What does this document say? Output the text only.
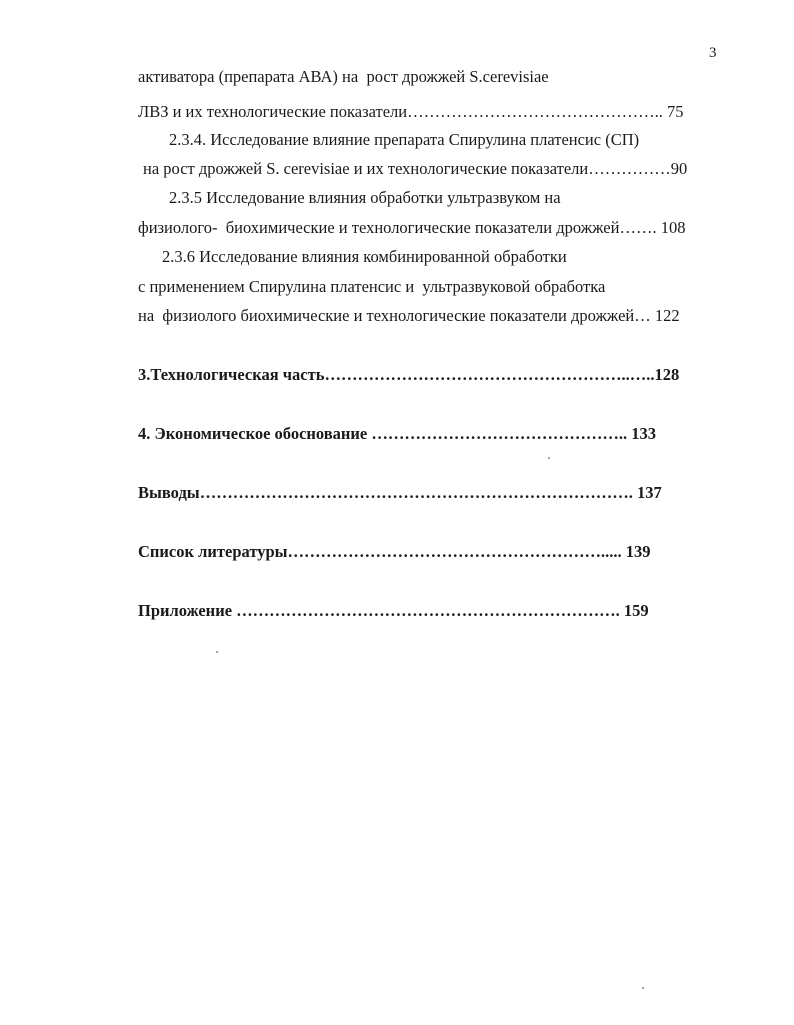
3
активатора (препарата АВА) на  рост дрожжей S.cerevisiae
ЛВЗ и их технологические показатели……………………………………….. 75
2.3.4. Исследование влияние препарата Спирулина платенсис (СП)
на рост дрожжей S. cerevisiae и их технологические показатели……………90
2.3.5 Исследование влияния обработки ультразвуком на
физиолого-  биохимические и технологические показатели дрожжей……. 108
2.3.6 Исследование влияния комбинированной обработки
с применением Спирулина платенсис и  ультразвуковой обработка
на  физиолого биохимические и технологические показатели дрожжей… 122
3.Технологическая часть………………………………………………..…..128
4. Экономическое обоснование ……………………………………….. 133
Выводы……………………………………………………………………. 137
Список литературы…………………………………………………..... 139
Приложение ……………………………………………………………. 159
